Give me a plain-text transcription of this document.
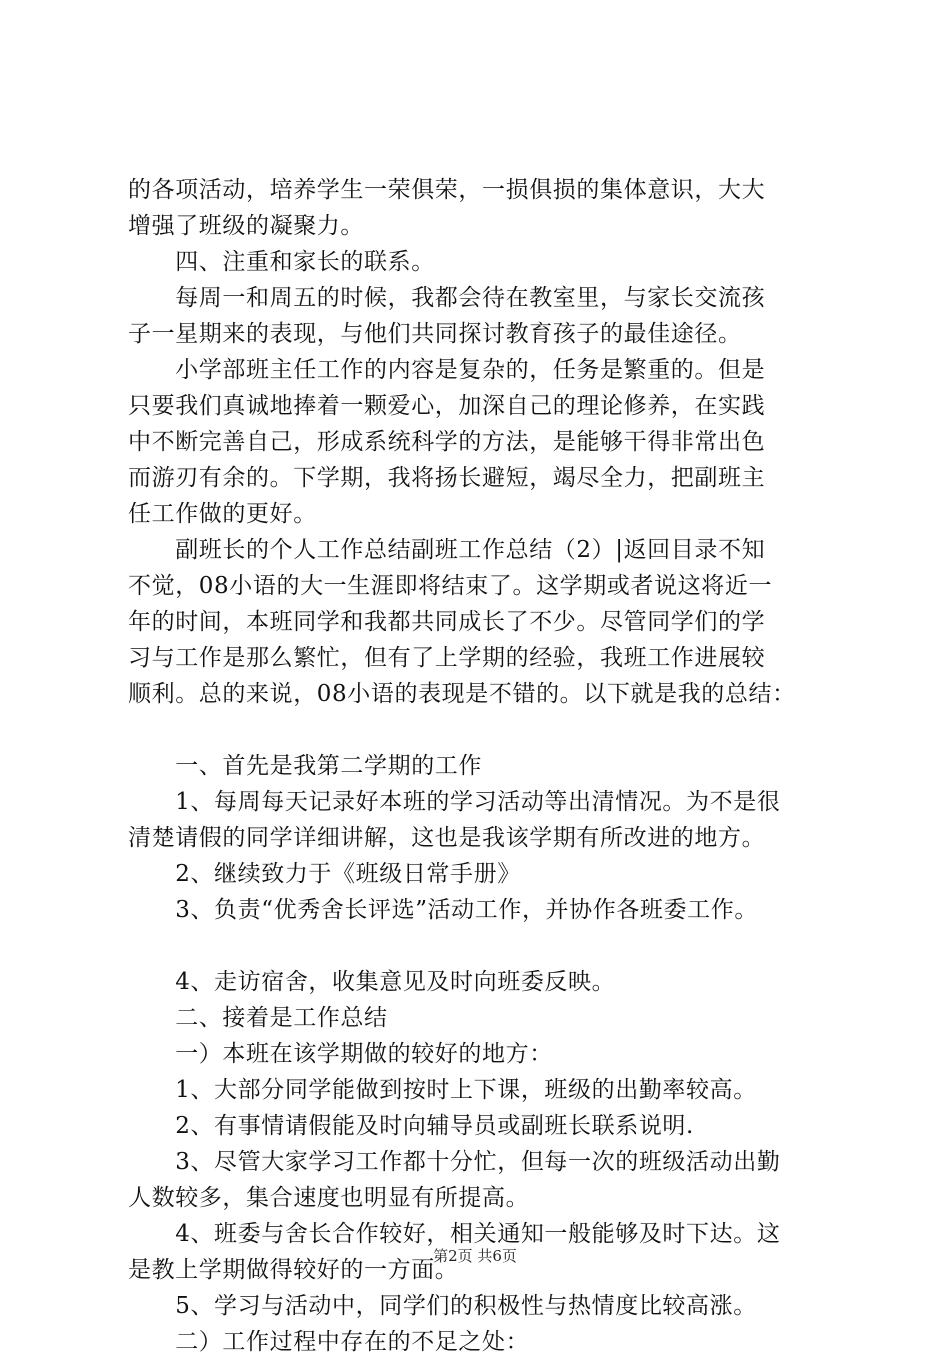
的各项活动，培养学生一荣俱荣，一损俱损的集体意识，大大
增强了班级的凝聚力。
　　四、注重和家长的联系。
　　每周一和周五的时候，我都会待在教室里，与家长交流孩
子一星期来的表现，与他们共同探讨教育孩子的最佳途径。
　　小学部班主任工作的内容是复杂的，任务是繁重的。但是
只要我们真诚地捧着一颗爱心，加深自己的理论修养，在实践
中不断完善自己，形成系统科学的方法，是能够干得非常出色
而游刃有余的。下学期，我将扬长避短，竭尽全力，把副班主
任工作做的更好。
　　副班长的个人工作总结副班工作总结（2）|返回目录不知
不觉，08小语的大一生涯即将结束了。这学期或者说这将近一
年的时间，本班同学和我都共同成长了不少。尽管同学们的学
习与工作是那么繁忙，但有了上学期的经验，我班工作进展较
顺利。总的来说，08小语的表现是不错的。以下就是我的总结：
　　一、首先是我第二学期的工作
　　1、每周每天记录好本班的学习活动等出清情况。为不是很
清楚请假的同学详细讲解，这也是我该学期有所改进的地方。
　　2、继续致力于《班级日常手册》
　　3、负责“优秀舍长评选”活动工作，并协作各班委工作。
　　4、走访宿舍，收集意见及时向班委反映。
　　二、接着是工作总结
　　一）本班在该学期做的较好的地方：
　　1、大部分同学能做到按时上下课，班级的出勤率较高。
　　2、有事情请假能及时向辅导员或副班长联系说明.
　　3、尽管大家学习工作都十分忙，但每一次的班级活动出勤
人数较多，集合速度也明显有所提高。
　　4、班委与舍长合作较好，相关通知一般能够及时下达。这
是教上学期做得较好的一方面。
　　5、学习与活动中，同学们的积极性与热情度比较高涨。
　　二）工作过程中存在的不足之处：
第2页 共6页
